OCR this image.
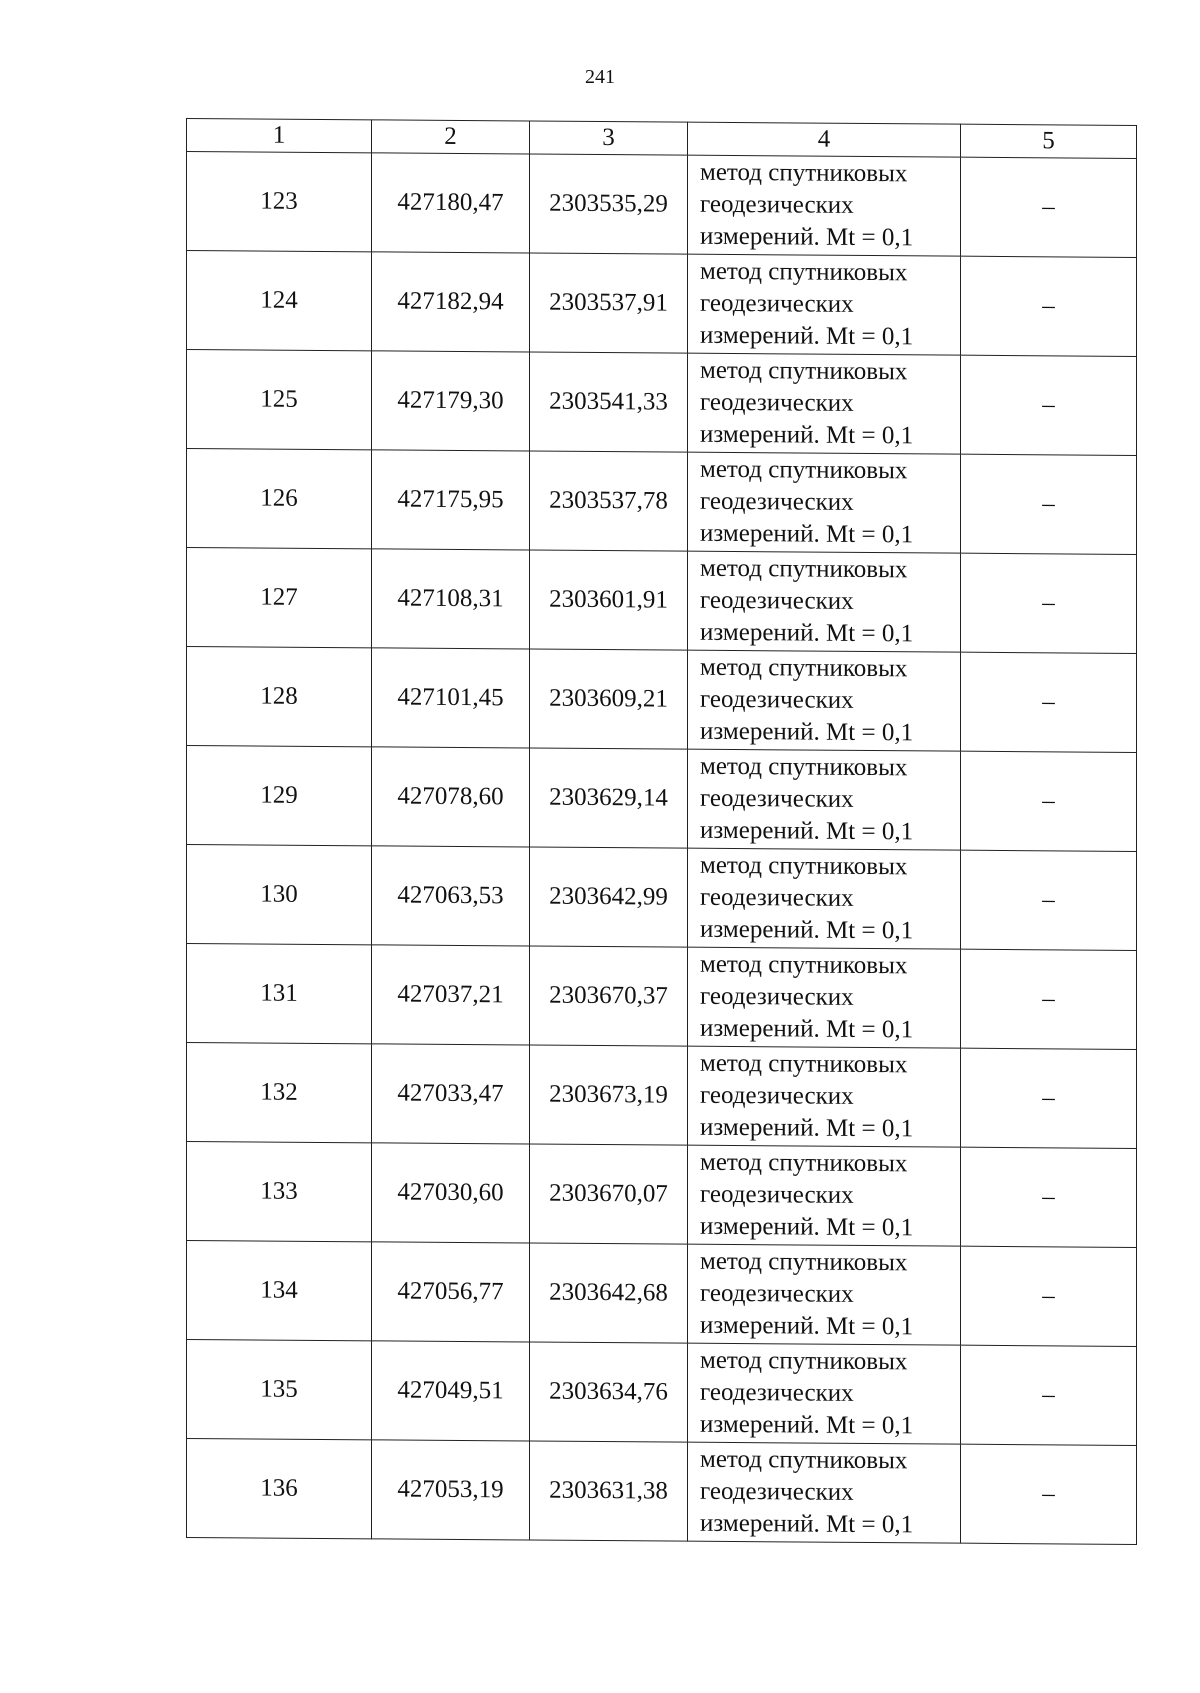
241
1	2	3	4	5
123	427180,47	2303535,29	метод спутниковых
геодезических
измерений. Mt = 0,1	–
124	427182,94	2303537,91	метод спутниковых
геодезических
измерений. Mt = 0,1	–
125	427179,30	2303541,33	метод спутниковых
геодезических
измерений. Mt = 0,1	–
126	427175,95	2303537,78	метод спутниковых
геодезических
измерений. Mt = 0,1	–
127	427108,31	2303601,91	метод спутниковых
геодезических
измерений. Mt = 0,1	–
128	427101,45	2303609,21	метод спутниковых
геодезических
измерений. Mt = 0,1	–
129	427078,60	2303629,14	метод спутниковых
геодезических
измерений. Mt = 0,1	–
130	427063,53	2303642,99	метод спутниковых
геодезических
измерений. Mt = 0,1	–
131	427037,21	2303670,37	метод спутниковых
геодезических
измерений. Mt = 0,1	–
132	427033,47	2303673,19	метод спутниковых
геодезических
измерений. Mt = 0,1	–
133	427030,60	2303670,07	метод спутниковых
геодезических
измерений. Mt = 0,1	–
134	427056,77	2303642,68	метод спутниковых
геодезических
измерений. Mt = 0,1	–
135	427049,51	2303634,76	метод спутниковых
геодезических
измерений. Mt = 0,1	–
136	427053,19	2303631,38	метод спутниковых
геодезических
измерений. Mt = 0,1	–
